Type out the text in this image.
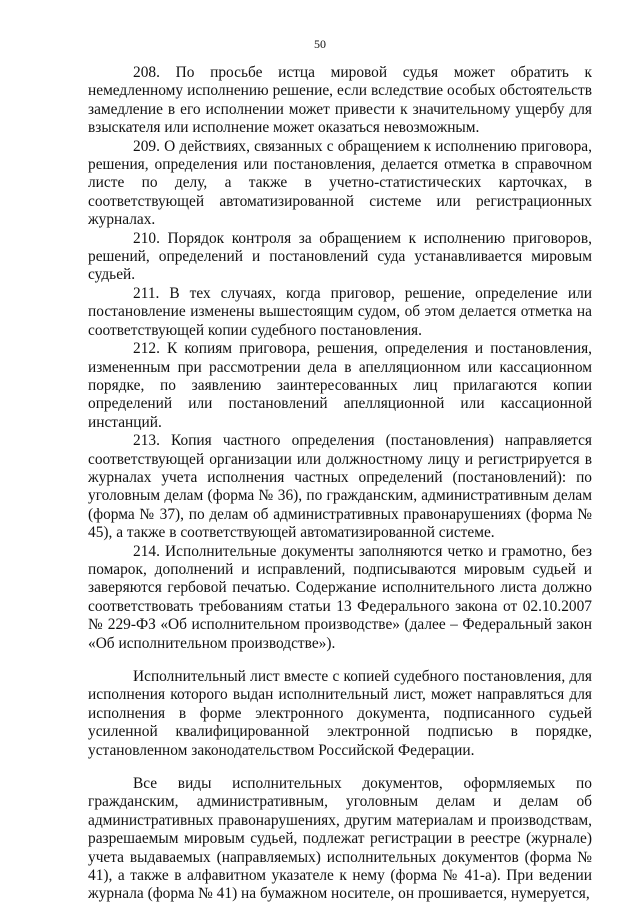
50

208. По просьбе истца мировой судья может обратить к немедленному исполнению решение, если вследствие особых обстоятельств замедление в его исполнении может привести к значительному ущербу для взыскателя или исполнение может оказаться невозможным.

209. О действиях, связанных с обращением к исполнению приговора, решения, определения или постановления, делается отметка в справочном листе по делу, а также в учетно-статистических карточках, в соответствующей автоматизированной системе или регистрационных журналах.

210. Порядок контроля за обращением к исполнению приговоров, решений, определений и постановлений суда устанавливается мировым судьей.

211. В тех случаях, когда приговор, решение, определение или постановление изменены вышестоящим судом, об этом делается отметка на соответствующей копии судебного постановления.

212. К копиям приговора, решения, определения и постановления, измененным при рассмотрении дела в апелляционном или кассационном порядке, по заявлению заинтересованных лиц прилагаются копии определений или постановлений апелляционной или кассационной инстанций.

213. Копия частного определения (постановления) направляется соответствующей организации или должностному лицу и регистрируется в журналах учета исполнения частных определений (постановлений): по уголовным делам (форма № 36), по гражданским, административным делам (форма № 37), по делам об административных правонарушениях (форма № 45), а также в соответствующей автоматизированной системе.

214. Исполнительные документы заполняются четко и грамотно, без помарок, дополнений и исправлений, подписываются мировым судьей и заверяются гербовой печатью. Содержание исполнительного листа должно соответствовать требованиям статьи 13 Федерального закона от 02.10.2007 № 229-ФЗ «Об исполнительном производстве» (далее – Федеральный закон «Об исполнительном производстве»).

Исполнительный лист вместе с копией судебного постановления, для исполнения которого выдан исполнительный лист, может направляться для исполнения в форме электронного документа, подписанного судьей усиленной квалифицированной электронной подписью в порядке, установленном законодательством Российской Федерации.

Все виды исполнительных документов, оформляемых по гражданским, административным, уголовным делам и делам об административных правонарушениях, другим материалам и производствам, разрешаемым мировым судьей, подлежат регистрации в реестре (журнале) учета выдаваемых (направляемых) исполнительных документов (форма № 41), а также в алфавитном указателе к нему (форма № 41-а). При ведении журнала (форма № 41) на бумажном носителе, он прошивается, нумеруется,
